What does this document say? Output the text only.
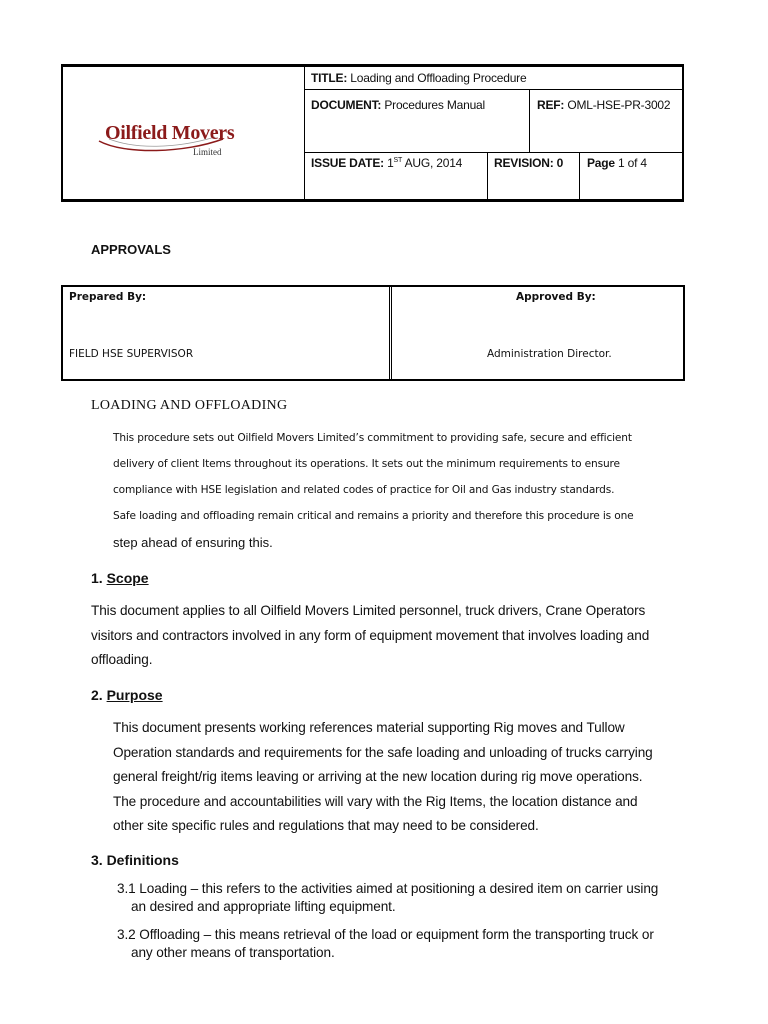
Oilfield Movers
Limited
TITLE: Loading and Offloading Procedure
DOCUMENT: Procedures Manual	REF: OML-HSE-PR-3002
ISSUE DATE: 1ST AUG, 2014	REVISION: 0 Page 1 of 4
APPROVALS
Prepared By:
FIELD HSE SUPERVISOR
Approved By:
Administration Director.
LOADING AND OFFLOADING
This procedure sets out Oilfield Movers Limited’s commitment to providing safe, secure and efficient
delivery of client Items throughout its operations. It sets out the minimum requirements to ensure
compliance with HSE legislation and related codes of practice for Oil and Gas industry standards.
Safe loading and offloading remain critical and remains a priority and therefore this procedure is one
step ahead of ensuring this.
1. Scope
This document applies to all Oilfield Movers Limited personnel, truck drivers, Crane Operators
visitors and contractors involved in any form of equipment movement that involves loading and
offloading.
2. Purpose
This document presents working references material supporting Rig moves and Tullow
Operation standards and requirements for the safe loading and unloading of trucks carrying
general freight/rig items leaving or arriving at the new location during rig move operations.
The procedure and accountabilities will vary with the Rig Items, the location distance and
other site specific rules and regulations that may need to be considered.
3. Definitions
3.1 Loading – this refers to the activities aimed at positioning a desired item on carrier using
an desired and appropriate lifting equipment.
3.2 Offloading – this means retrieval of the load or equipment form the transporting truck or
any other means of transportation.
